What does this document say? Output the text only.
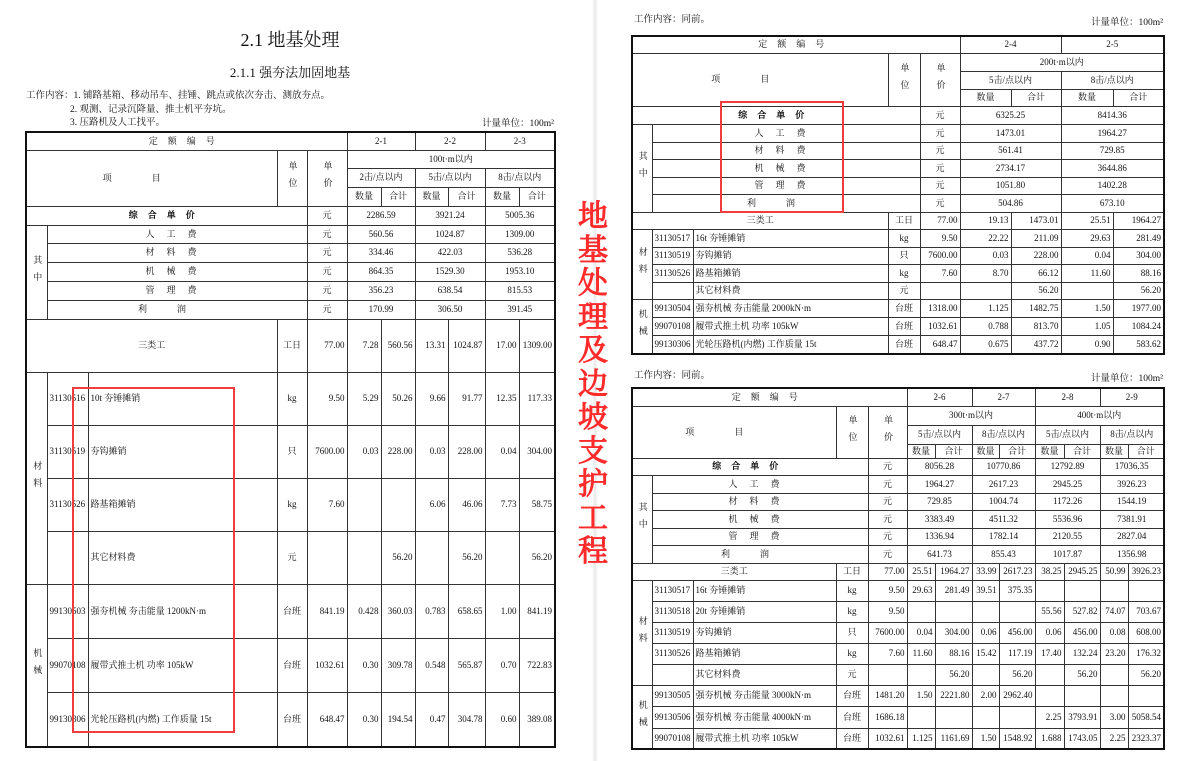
2.1 地基处理
2.1.1 强夯法加固地基
工作内容：1. 铺路基箱、移动吊车、挂锤、跳点或依次夯击、测放夯点。
2. 观测、记录沉降量、推土机平夯坑。
3. 压路机及人工找平。	计量单位：100m²
定额编号					2-1		2-2		2-3	
项目			单位	单价	100t·m以内					
					2击/点以内		5击/点以内		8击/点以内	
					数量	合计	数量	合计	数量	合计
综合单价				元	2286.59		3921.24		5005.36	
其中	人工费			元	560.56		1024.87		1309.00	
	材料费			元	334.46		422.03		536.28	
	机械费			元	864.35		1529.30		1953.10	
	管理费			元	356.23		638.54		815.53	
	利润			元	170.99		306.50		391.45	
三类工			工日	77.00	7.28	560.56	13.31	1024.87	17.00	1309.00
材料	31130516	10t 夯锤摊销	kg	9.50	5.29	50.26	9.66	91.77	12.35	117.33
	31130519	夯钩摊销	只	7600.00	0.03	228.00	0.03	228.00	0.04	304.00
	31130526	路基箱摊销	kg	7.60			6.06	46.06	7.73	58.75
		其它材料费	元			56.20		56.20		56.20
机械	99130503	强夯机械 夯击能量 1200kN·m	台班	841.19	0.428	360.03	0.783	658.65	1.00	841.19
	99070108	履带式推土机 功率 105kW	台班	1032.61	0.30	309.78	0.548	565.87	0.70	722.83
	99130306	光轮压路机(内燃) 工作质量 15t	台班	648.47	0.30	194.54	0.47	304.78	0.60	389.08
工作内容：同前。	计量单位：100m²
定额编号					2-4		2-5	
项目			单位	单价	200t·m以内			
					5击/点以内		8击/点以内	
					数量	合计	数量	合计
综合单价				元	6325.25		8414.36	
其中	人工费			元	1473.01		1964.27	
	材料费			元	561.41		729.85	
	机械费			元	2734.17		3644.86	
	管理费			元	1051.80		1402.28	
	利润			元	504.86		673.10	
三类工			工日	77.00	19.13	1473.01	25.51	1964.27
材料	31130517	16t 夯锤摊销	kg	9.50	22.22	211.09	29.63	281.49
	31130519	夯钩摊销	只	7600.00	0.03	228.00	0.04	304.00
	31130526	路基箱摊销	kg	7.60	8.70	66.12	11.60	88.16
		其它材料费	元			56.20		56.20
机械	99130504	强夯机械 夯击能量 2000kN·m	台班	1318.00	1.125	1482.75	1.50	1977.00
	99070108	履带式推土机 功率 105kW	台班	1032.61	0.788	813.70	1.05	1084.24
	99130306	光轮压路机(内燃) 工作质量 15t	台班	648.47	0.675	437.72	0.90	583.62
工作内容：同前。	计量单位：100m²
定额编号					2-6		2-7		2-8		2-9	
项目			单位	单价	300t·m以内				400t·m以内			
					5击/点以内		8击/点以内		5击/点以内		8击/点以内	
					数量	合计	数量	合计	数量	合计	数量	合计
综合单价				元	8056.28		10770.86		12792.89		17036.35	
其中	人工费			元	1964.27		2617.23		2945.25		3926.23	
	材料费			元	729.85		1004.74		1172.26		1544.19	
	机械费			元	3383.49		4511.32		5536.96		7381.91	
	管理费			元	1336.94		1782.14		2120.55		2827.04	
	利润			元	641.73		855.43		1017.87		1356.98	
三类工			工日	77.00	25.51	1964.27	33.99	2617.23	38.25	2945.25	50.99	3926.23
材料	31130517	16t 夯锤摊销	kg	9.50	29.63	281.49	39.51	375.35				
	31130518	20t 夯锤摊销	kg	9.50					55.56	527.82	74.07	703.67
	31130519	夯钩摊销	只	7600.00	0.04	304.00	0.06	456.00	0.06	456.00	0.08	608.00
	31130526	路基箱摊销	kg	7.60	11.60	88.16	15.42	117.19	17.40	132.24	23.20	176.32
		其它材料费	元			56.20		56.20		56.20		56.20
机械	99130505	强夯机械 夯击能量 3000kN·m	台班	1481.20	1.50	2221.80	2.00	2962.40				
	99130506	强夯机械 夯击能量 4000kN·m	台班	1686.18					2.25	3793.91	3.00	5058.54
	99070108	履带式推土机 功率 105kW	台班	1032.61	1.125	1161.69	1.50	1548.92	1.688	1743.05	2.25	2323.37
地基处理及边坡支护工程
